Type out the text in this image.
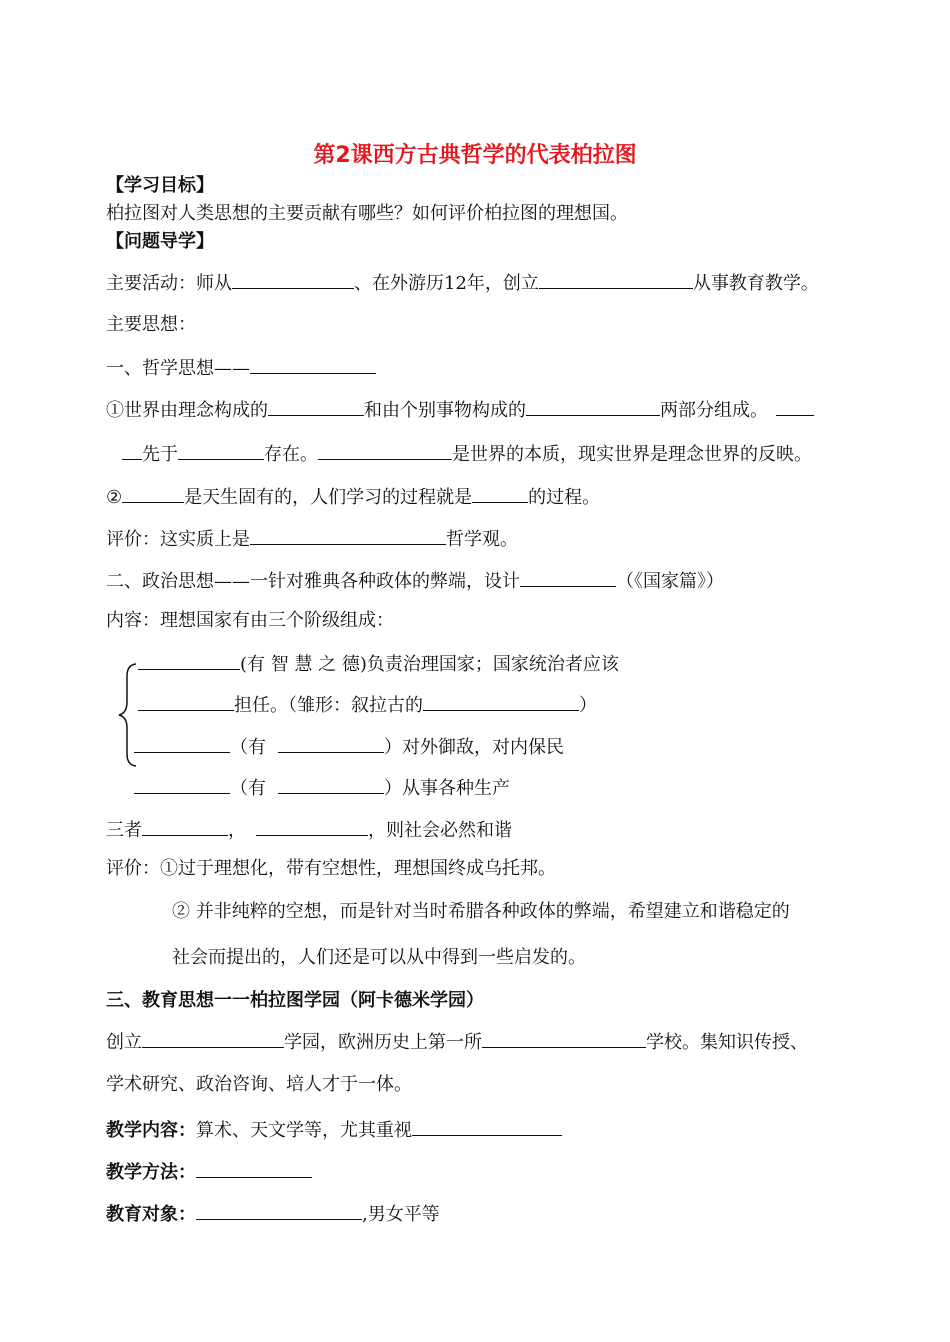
第2课西方古典哲学的代表柏拉图
【学习目标】
柏拉图对人类思想的主要贡献有哪些？如何评价柏拉图的理想国。
【问题导学】
主要活动：师从	、在外游历12年，创立	从事教育教学。
主要思想：
一、哲学思想——
①世界由理念构成的	和由个别事物构成的	两部分组成。
先于	存在。	是世界的本质，现实世界是理念世界的反映。
②	是天生固有的，人们学习的过程就是	的过程。
评价：这实质上是	哲学观。
二、政治思想——一针对雅典各种政体的弊端，设计	（《国家篇》）
内容：理想国家有由三个阶级组成：
(有 智 慧 之 德)负责治理国家；国家统治者应该
担任。（雏形：叙拉古的	）
（有	）对外御敌，对内保民
（有	）从事各种生产
三者	，	，则社会必然和谐
评价：①过于理想化，带有空想性，理想国终成乌托邦。
② 并非纯粹的空想，而是针对当时希腊各种政体的弊端，希望建立和谐稳定的
社会而提出的，人们还是可以从中得到一些启发的。
三、教育思想一一柏拉图学园（阿卡德米学园）
创立	学园，欧洲历史上第一所	学校。集知识传授、
学术研究、政治咨询、培人才于一体。
教学内容：算术、天文学等，尤其重视
教学方法：
教育对象：	,男女平等
